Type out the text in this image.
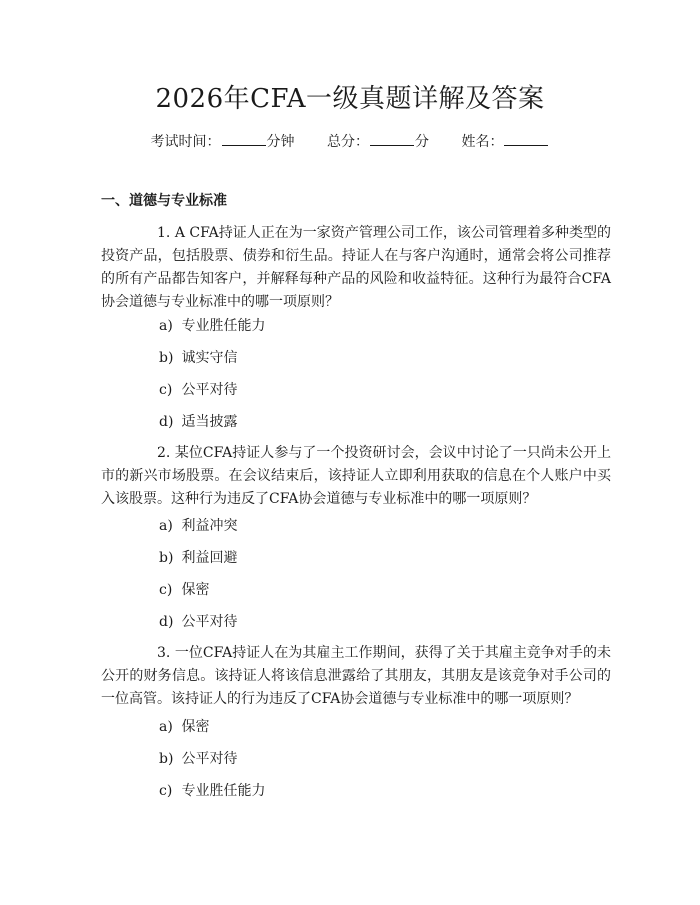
2026年CFA一级真题详解及答案
考试时间：	分钟 总分：	分 姓名：
一、道德与专业标准

1. A CFA持证人正在为一家资产管理公司工作，该公司管理着多种类型的投资产品，包括股票、债券和衍生品。持证人在与客户沟通时，通常会将公司推荐的所有产品都告知客户，并解释每种产品的风险和收益特征。这种行为最符合CFA协会道德与专业标准中的哪一项原则？

a) 专业胜任能力
b) 诚实守信
c) 公平对待
d) 适当披露

2. 某位CFA持证人参与了一个投资研讨会，会议中讨论了一只尚未公开上市的新兴市场股票。在会议结束后，该持证人立即利用获取的信息在个人账户中买入该股票。这种行为违反了CFA协会道德与专业标准中的哪一项原则？

a) 利益冲突
b) 利益回避
c) 保密
d) 公平对待

3. 一位CFA持证人在为其雇主工作期间，获得了关于其雇主竞争对手的未公开的财务信息。该持证人将该信息泄露给了其朋友，其朋友是该竞争对手公司的一位高管。该持证人的行为违反了CFA协会道德与专业标准中的哪一项原则？

a) 保密
b) 公平对待
c) 专业胜任能力
